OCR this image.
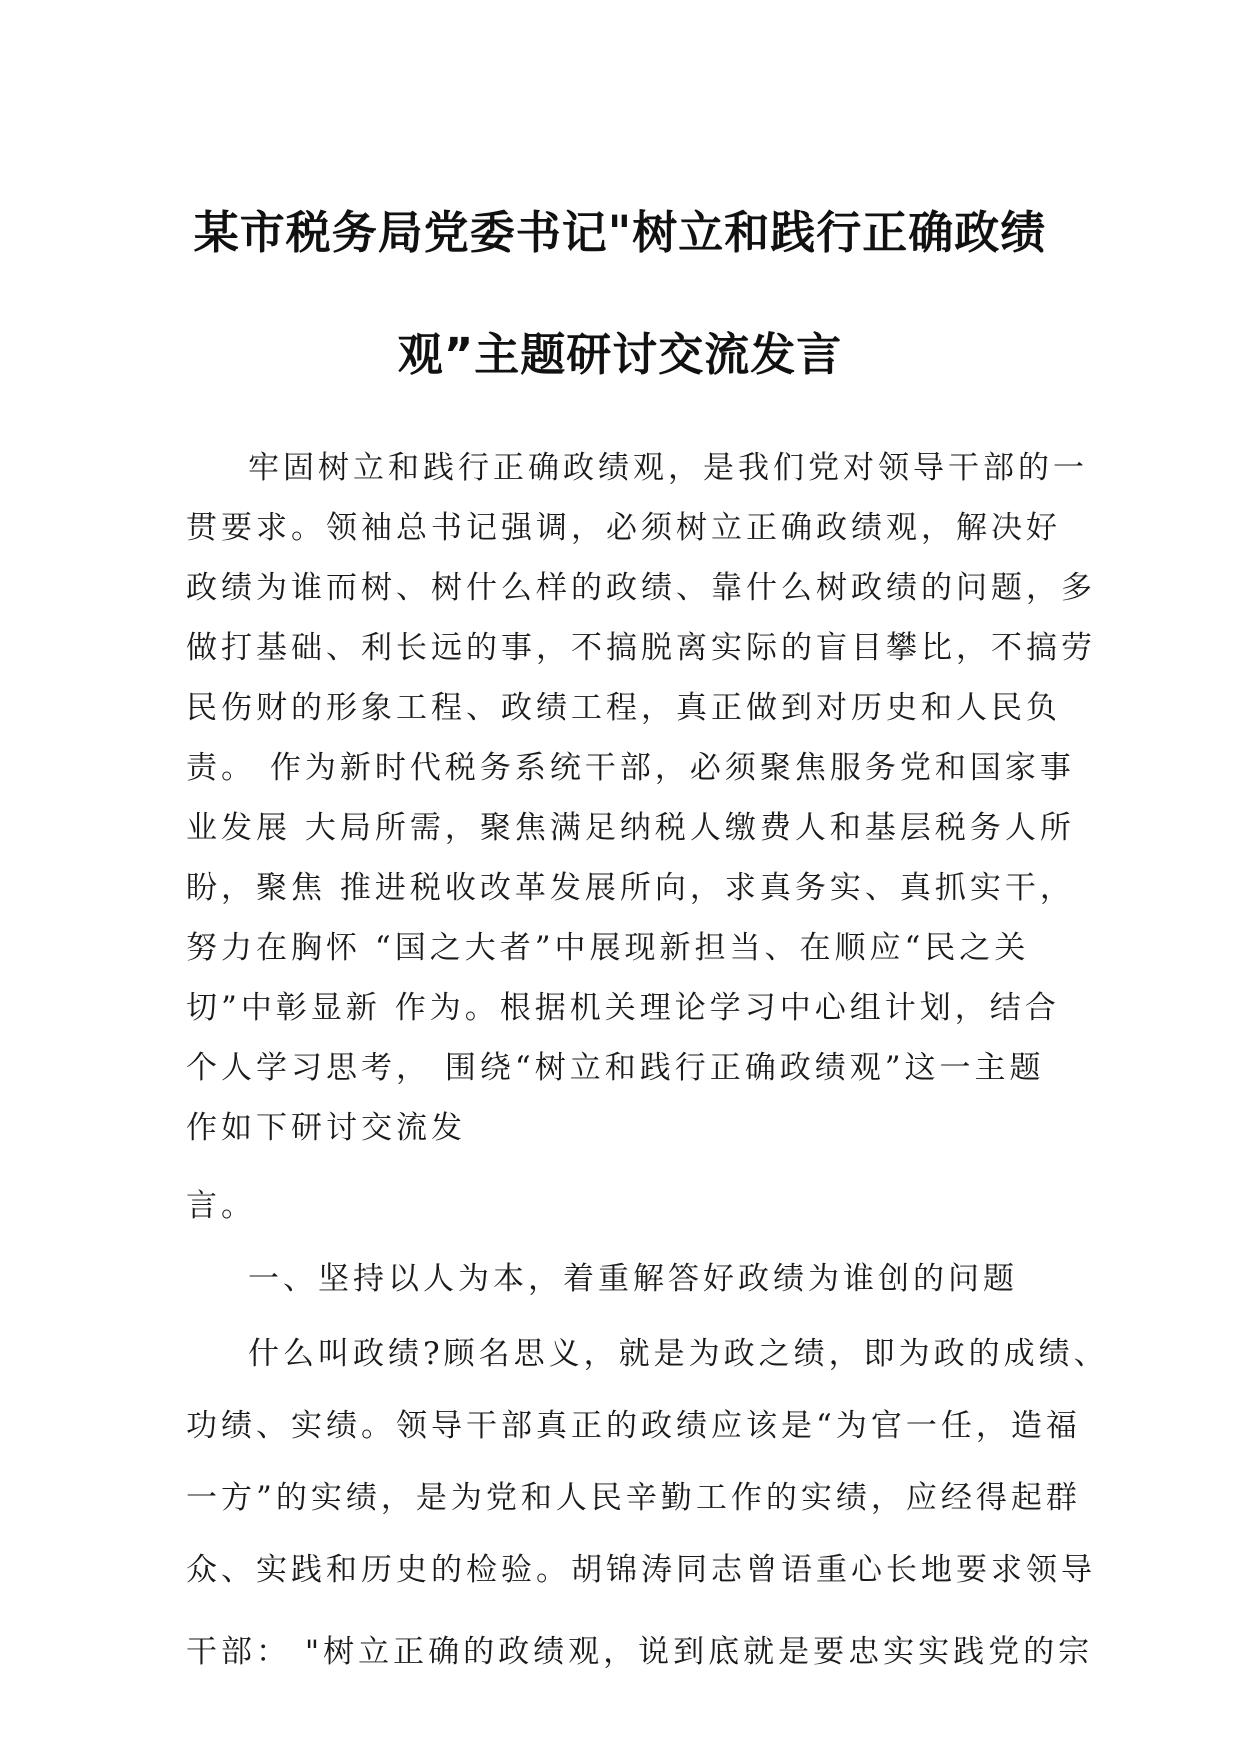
某市税务局党委书记"树立和践行正确政绩
观”主题研讨交流发言
牢固树立和践行正确政绩观，是我们党对领导干部的一
贯要求。领袖总书记强调，必须树立正确政绩观，解决好
政绩为谁而树、树什么样的政绩、靠什么树政绩的问题，多
做打基础、利长远的事，不搞脱离实际的盲目攀比，不搞劳
民伤财的形象工程、政绩工程，真正做到对历史和人民负
责。 作为新时代税务系统干部，必须聚焦服务党和国家事
业发展 大局所需，聚焦满足纳税人缴费人和基层税务人所
盼，聚焦 推进税收改革发展所向，求真务实、真抓实干，
努力在胸怀 “国之大者”中展现新担当、在顺应“民之关
切”中彰显新 作为。根据机关理论学习中心组计划，结合
个人学习思考， 围绕“树立和践行正确政绩观”这一主题
作如下研讨交流发
言。
一、坚持以人为本，着重解答好政绩为谁创的问题
什么叫政绩?顾名思义，就是为政之绩，即为政的成绩、
功绩、实绩。领导干部真正的政绩应该是“为官一任，造福
一方”的实绩，是为党和人民辛勤工作的实绩，应经得起群
众、实践和历史的检验。胡锦涛同志曾语重心长地要求领导
干部： "树立正确的政绩观，说到底就是要忠实实践党的宗
